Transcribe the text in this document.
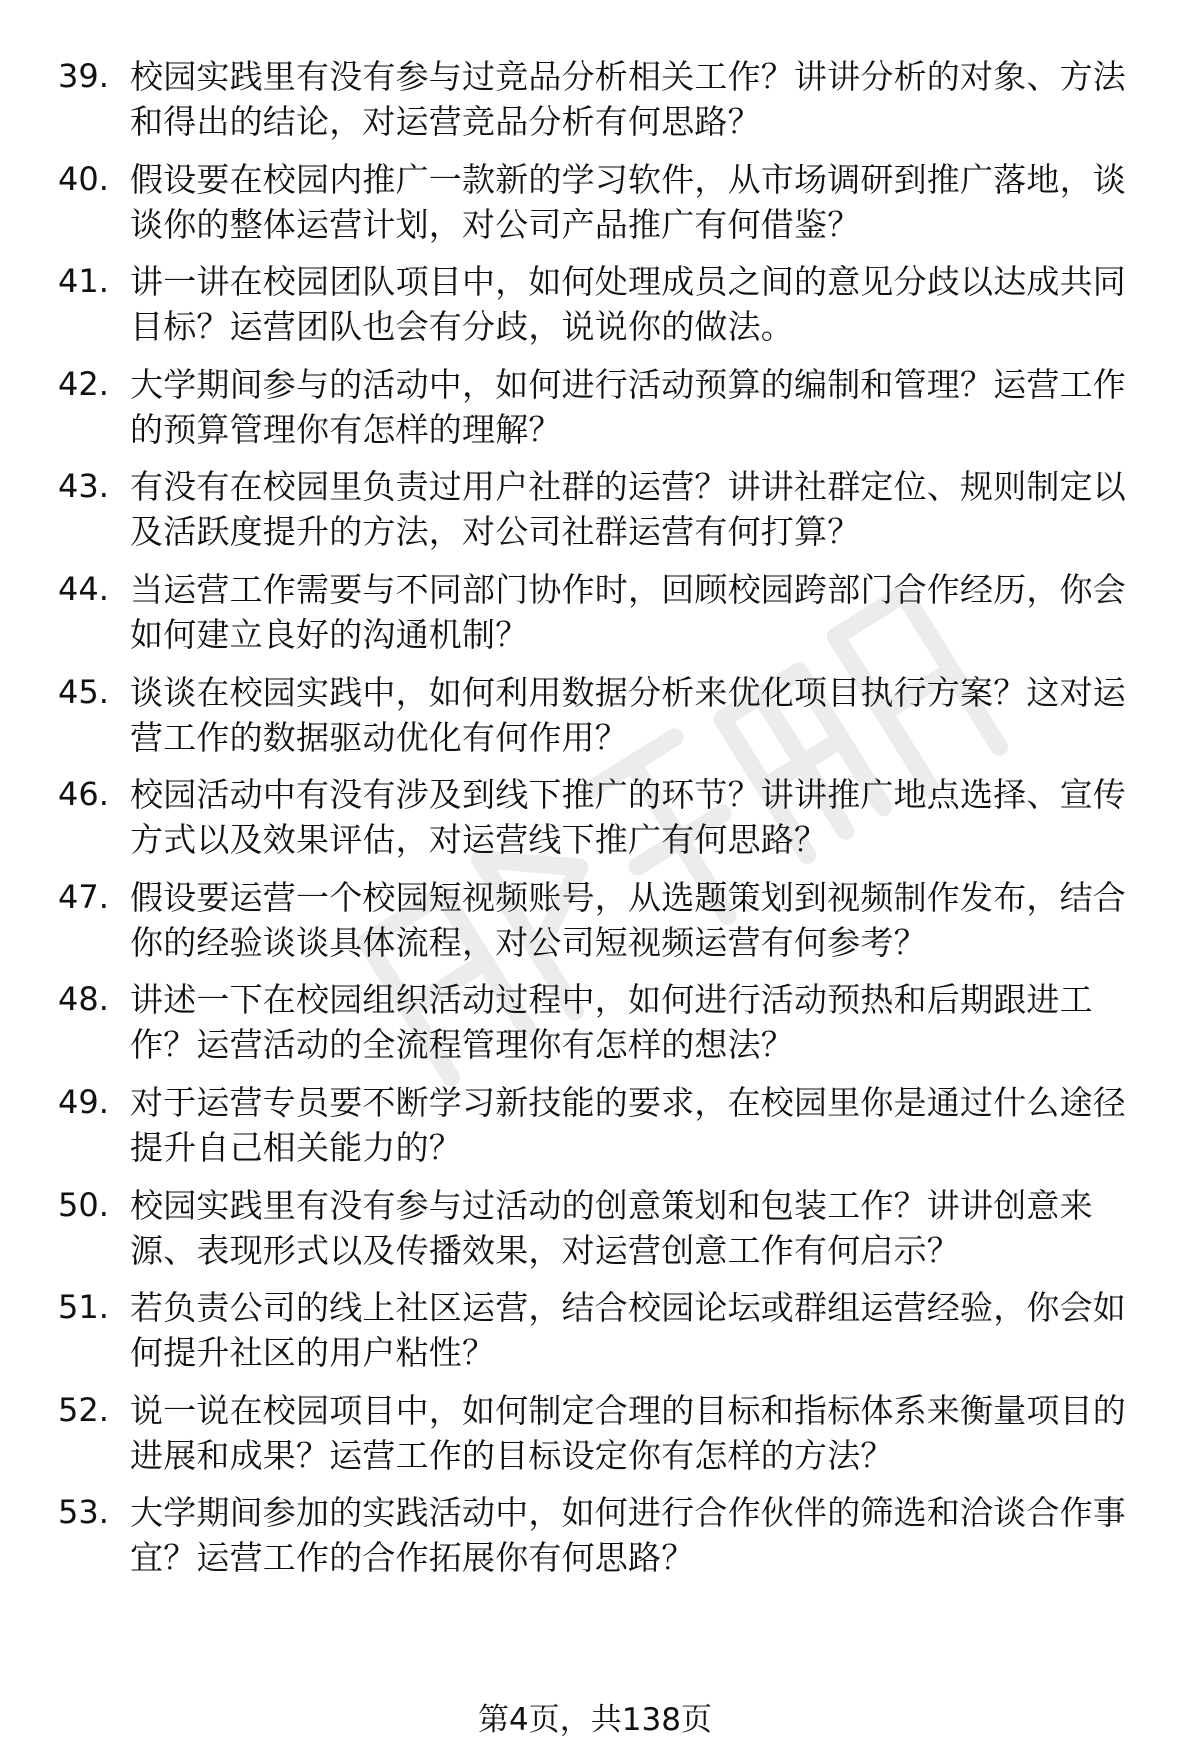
39. 校园实践里有没有参与过竞品分析相关工作？讲讲分析的对象、方法和得出的结论，对运营竞品分析有何思路？
40. 假设要在校园内推广一款新的学习软件，从市场调研到推广落地，谈谈你的整体运营计划，对公司产品推广有何借鉴？
41. 讲一讲在校园团队项目中，如何处理成员之间的意见分歧以达成共同目标？运营团队也会有分歧，说说你的做法。
42. 大学期间参与的活动中，如何进行活动预算的编制和管理？运营工作的预算管理你有怎样的理解？
43. 有没有在校园里负责过用户社群的运营？讲讲社群定位、规则制定以及活跃度提升的方法，对公司社群运营有何打算？
44. 当运营工作需要与不同部门协作时，回顾校园跨部门合作经历，你会如何建立良好的沟通机制？
45. 谈谈在校园实践中，如何利用数据分析来优化项目执行方案？这对运营工作的数据驱动优化有何作用？
46. 校园活动中有没有涉及到线下推广的环节？讲讲推广地点选择、宣传方式以及效果评估，对运营线下推广有何思路？
47. 假设要运营一个校园短视频账号，从选题策划到视频制作发布，结合你的经验谈谈具体流程，对公司短视频运营有何参考？
48. 讲述一下在校园组织活动过程中，如何进行活动预热和后期跟进工作？运营活动的全流程管理你有怎样的想法？
49. 对于运营专员要不断学习新技能的要求，在校园里你是通过什么途径提升自己相关能力的？
50. 校园实践里有没有参与过活动的创意策划和包装工作？讲讲创意来源、表现形式以及传播效果，对运营创意工作有何启示？
51. 若负责公司的线上社区运营，结合校园论坛或群组运营经验，你会如何提升社区的用户粘性？
52. 说一说在校园项目中，如何制定合理的目标和指标体系来衡量项目的进展和成果？运营工作的目标设定你有怎样的方法？
53. 大学期间参加的实践活动中，如何进行合作伙伴的筛选和洽谈合作事宜？运营工作的合作拓展你有何思路？
第4页，共138页
